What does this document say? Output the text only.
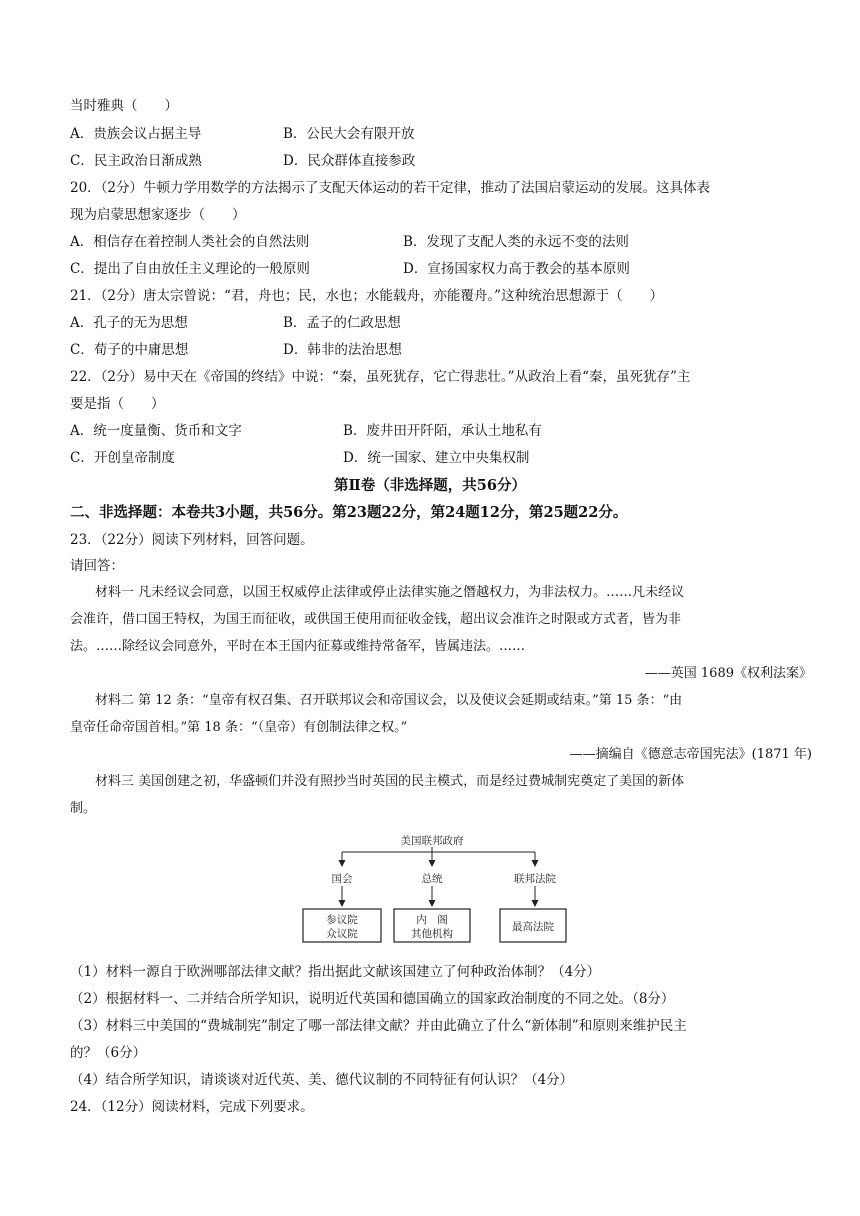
当时雅典（　　）
A．贵族会议占据主导	B．公民大会有限开放
C．民主政治日渐成熟	D．民众群体直接参政
20．（2分）牛顿力学用数学的方法揭示了支配天体运动的若干定律，推动了法国启蒙运动的发展。这具体表
现为启蒙思想家逐步（　　）
A．相信存在着控制人类社会的自然法则	B．发现了支配人类的永远不变的法则
C．提出了自由放任主义理论的一般原则	D．宣扬国家权力高于教会的基本原则
21．（2分）唐太宗曾说：“君，舟也；民，水也；水能载舟，亦能覆舟。”这种统治思想源于（　　）
A．孔子的无为思想	B．孟子的仁政思想
C．荀子的中庸思想	D．韩非的法治思想
22．（2分）易中天在《帝国的终结》中说：“秦，虽死犹存，它亡得悲壮。”从政治上看“秦，虽死犹存”主
要是指（　　）
A．统一度量衡、货币和文字	B．废井田开阡陌，承认土地私有
C．开创皇帝制度	D．统一国家、建立中央集权制
第Ⅱ卷（非选择题，共56分）
二、非选择题：本卷共3小题，共56分。第23题22分，第24题12分，第25题22分。
23．（22分）阅读下列材料，回答问题。
请回答：
材料一 凡未经议会同意，以国王权威停止法律或停止法律实施之僭越权力，为非法权力。……凡未经议
会准许，借口国王特权，为国王而征收，或供国王使用而征收金钱，超出议会准许之时限或方式者，皆为非
法。……除经议会同意外，平时在本王国内征募或维持常备军，皆属违法。……
——英国 1689《权利法案》
材料二 第 12 条：“皇帝有权召集、召开联邦议会和帝国议会，以及使议会延期或结束。”第 15 条：“由
皇帝任命帝国首相。”第 18 条：“（皇帝）有创制法律之权。”
——摘编自《德意志帝国宪法》(1871 年)
材料三 美国创建之初，华盛顿们并没有照抄当时英国的民主模式，而是经过费城制宪奠定了美国的新体
制。
美国联邦政府
国会	总统	联邦法院
参议院
众议院
内　阁
其他机构
最高法院
（1）材料一源自于欧洲哪部法律文献？指出据此文献该国建立了何种政治体制？（4分）
（2）根据材料一、二并结合所学知识，说明近代英国和德国确立的国家政治制度的不同之处。（8分）
（3）材料三中美国的“费城制宪”制定了哪一部法律文献？并由此确立了什么“新体制”和原则来维护民主
的？（6分）
（4）结合所学知识，请谈谈对近代英、美、德代议制的不同特征有何认识？（4分）
24．（12分）阅读材料，完成下列要求。
